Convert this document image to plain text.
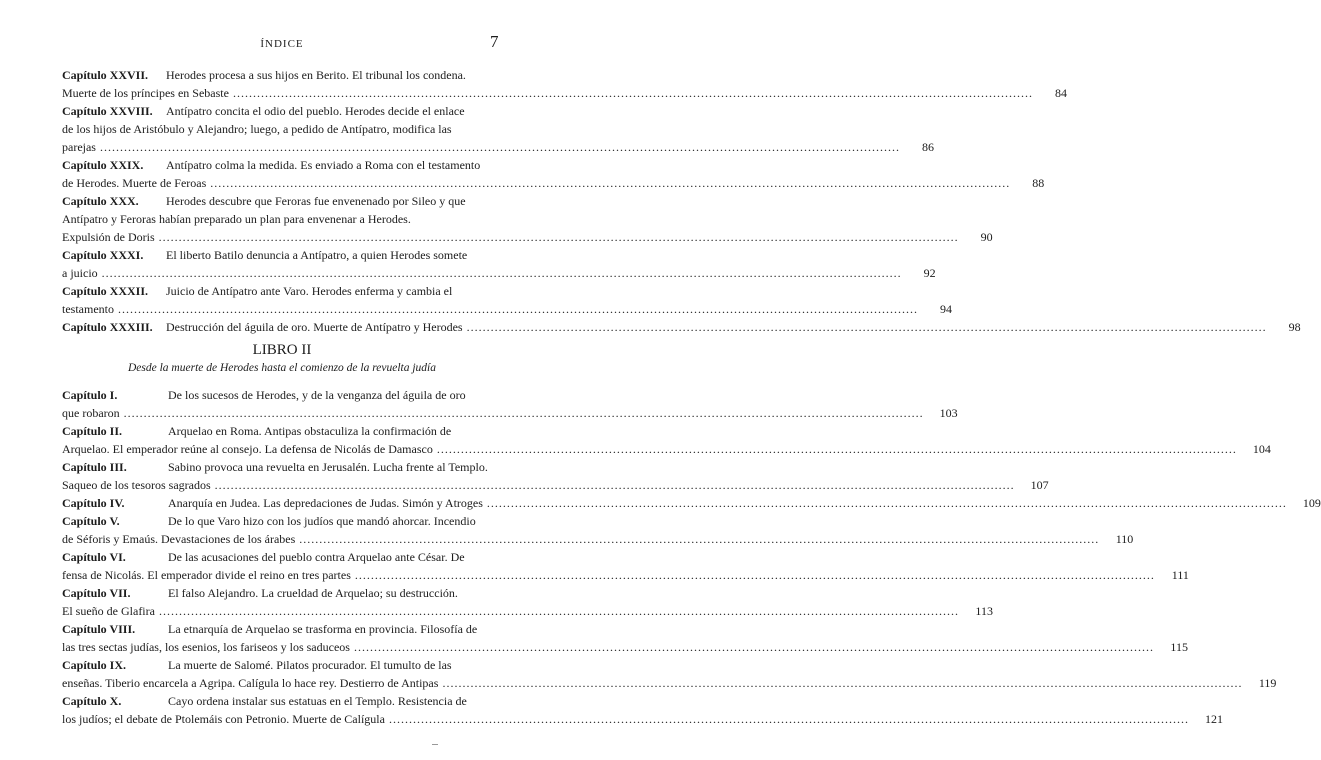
ÍNDICE	7
Capítulo XXVII.	Herodes procesa a sus hijos en Berito. El tribunal los condena.
Muerte de los príncipes en Sebaste ........................................................................................................................................................................................................	84
Capítulo XXVIII.	Antípatro concita el odio del pueblo. Herodes decide el enlace
de los hijos de Aristóbulo y Alejandro; luego, a pedido de Antípatro, modifica las
parejas ........................................................................................................................................................................................................	86
Capítulo XXIX.	Antípatro colma la medida. Es enviado a Roma con el testamento
de Herodes. Muerte de Feroas ........................................................................................................................................................................................................	88
Capítulo XXX.	Herodes descubre que Feroras fue envenenado por Sileo y que
Antípatro y Feroras habían preparado un plan para envenenar a Herodes.
Expulsión de Doris ........................................................................................................................................................................................................	90
Capítulo XXXI.	El liberto Batilo denuncia a Antípatro, a quien Herodes somete
a juicio ........................................................................................................................................................................................................	92
Capítulo XXXII.	Juicio de Antípatro ante Varo. Herodes enferma y cambia el
testamento ........................................................................................................................................................................................................	94
Capítulo XXXIII.	Destrucción del águila de oro. Muerte de Antípatro y Herodes ........................................................................................................................................................................................................	98
LIBRO II
Desde la muerte de Herodes hasta el comienzo de la revuelta judía
Capítulo I.	De los sucesos de Herodes, y de la venganza del águila de oro
que robaron ........................................................................................................................................................................................................	103
Capítulo II.	Arquelao en Roma. Antipas obstaculiza la confirmación de
Arquelao. El emperador reúne al consejo. La defensa de Nicolás de Damasco ........................................................................................................................................................................................................	104
Capítulo III.	Sabino provoca una revuelta en Jerusalén. Lucha frente al Templo.
Saqueo de los tesoros sagrados ........................................................................................................................................................................................................	107
Capítulo IV.	Anarquía en Judea. Las depredaciones de Judas. Simón y Atroges ........................................................................................................................................................................................................	109
Capítulo V.	De lo que Varo hizo con los judíos que mandó ahorcar. Incendio
de Séforis y Emaús. Devastaciones de los árabes ........................................................................................................................................................................................................	110
Capítulo VI.	De las acusaciones del pueblo contra Arquelao ante César. De
fensa de Nicolás. El emperador divide el reino en tres partes ........................................................................................................................................................................................................	111
Capítulo VII.	El falso Alejandro. La crueldad de Arquelao; su destrucción.
El sueño de Glafira ........................................................................................................................................................................................................	113
Capítulo VIII.	La etnarquía de Arquelao se trasforma en provincia. Filosofía de
las tres sectas judías, los esenios, los fariseos y los saduceos ........................................................................................................................................................................................................	115
Capítulo IX.	La muerte de Salomé. Pilatos procurador. El tumulto de las
enseñas. Tiberio encarcela a Agripa. Calígula lo hace rey. Destierro de Antipas ........................................................................................................................................................................................................	119
Capítulo X.	Cayo ordena instalar sus estatuas en el Templo. Resistencia de
los judíos; el debate de Ptolemáis con Petronio. Muerte de Calígula ........................................................................................................................................................................................................	121
